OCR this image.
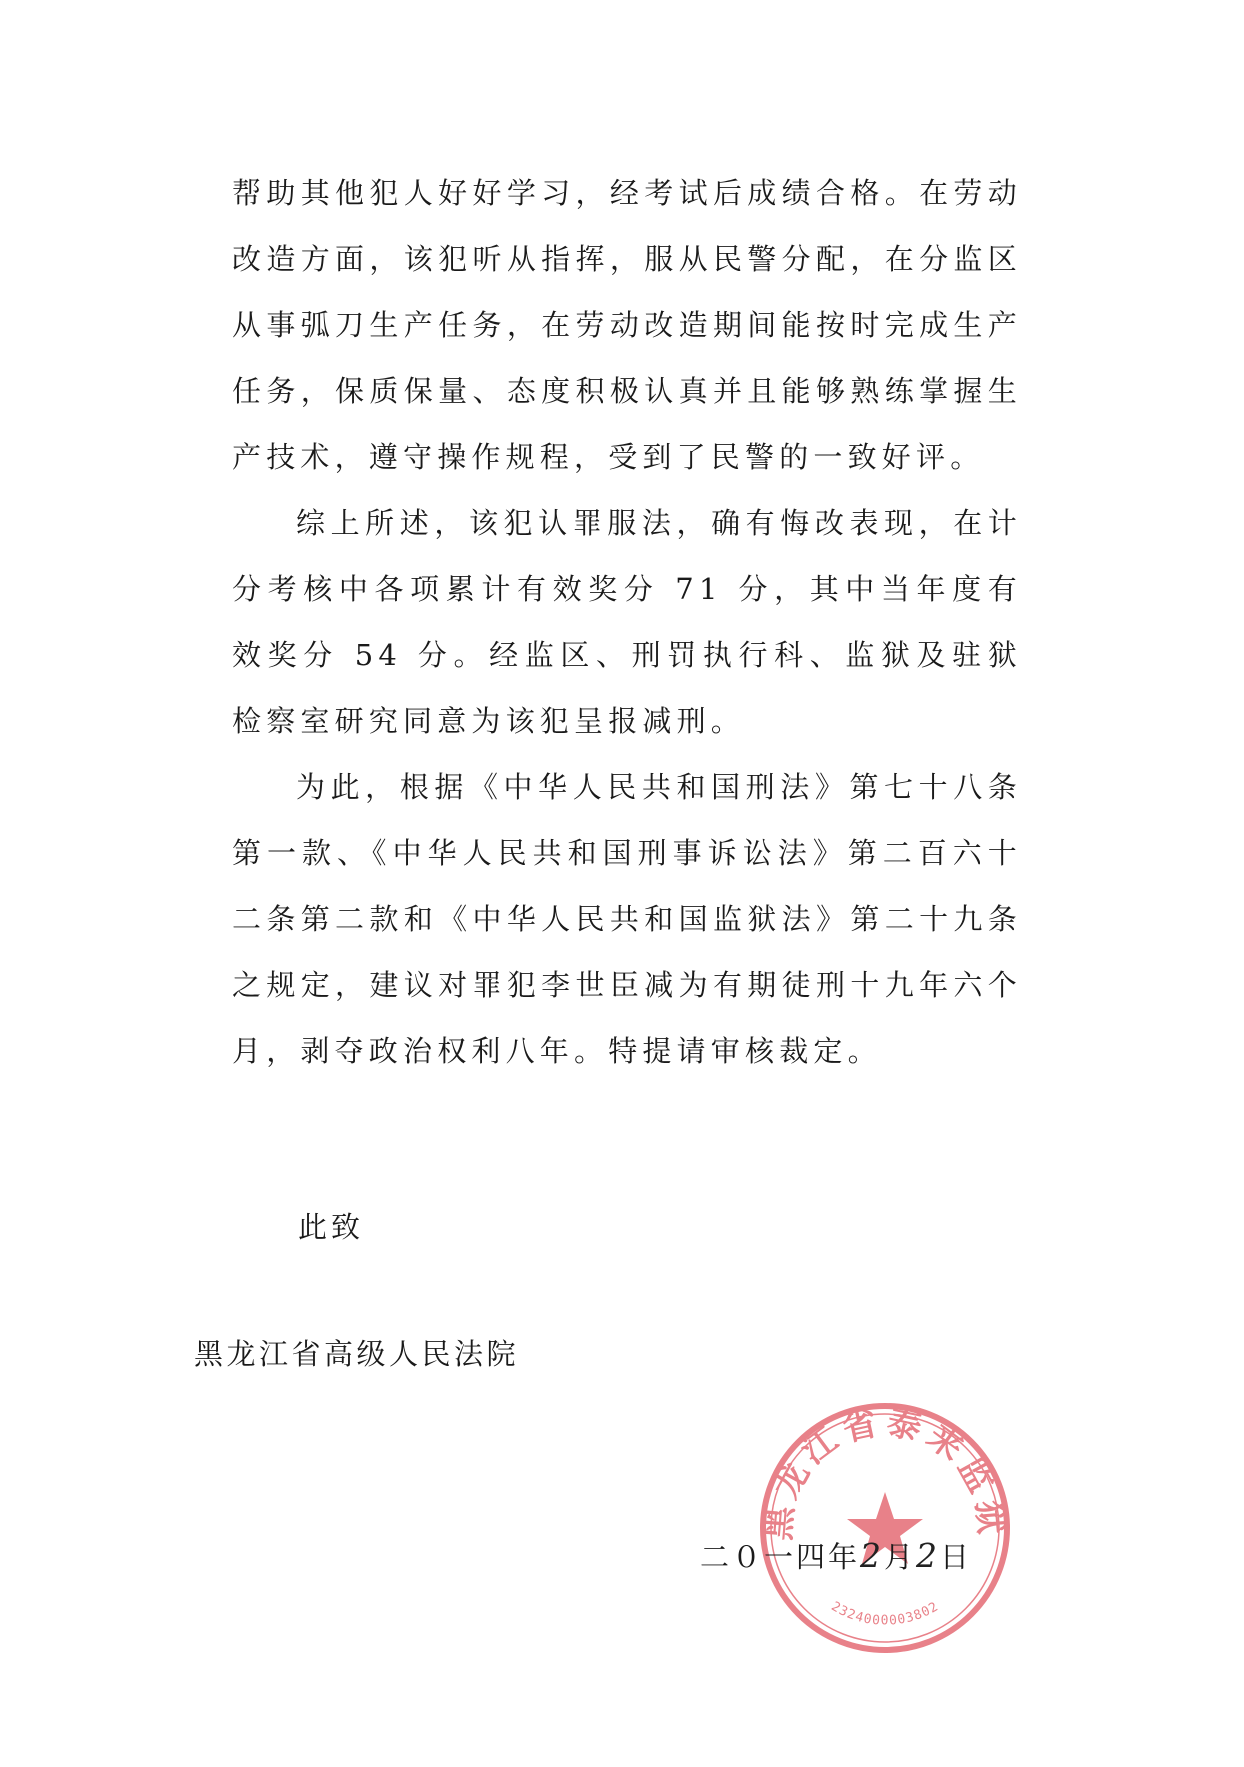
帮助其他犯人好好学习，经考试后成绩合格。在劳动改造方面，该犯听从指挥，服从民警分配，在分监区从事弧刀生产任务，在劳动改造期间能按时完成生产任务，保质保量、态度积极认真并且能够熟练掌握生产技术，遵守操作规程，受到了民警的一致好评。

综上所述，该犯认罪服法，确有悔改表现，在计分考核中各项累计有效奖分 71 分，其中当年度有效奖分 54 分。经监区、刑罚执行科、监狱及驻狱检察室研究同意为该犯呈报减刑。

为此，根据《中华人民共和国刑法》第七十八条第一款、《中华人民共和国刑事诉讼法》第二百六十二条第二款和《中华人民共和国监狱法》第二十九条之规定，建议对罪犯李世臣减为有期徒刑十九年六个月，剥夺政治权利八年。特提请审核裁定。

此致

黑龙江省高级人民法院

二０一四年2月2日

黑龙江省泰来监狱
2324000003802
